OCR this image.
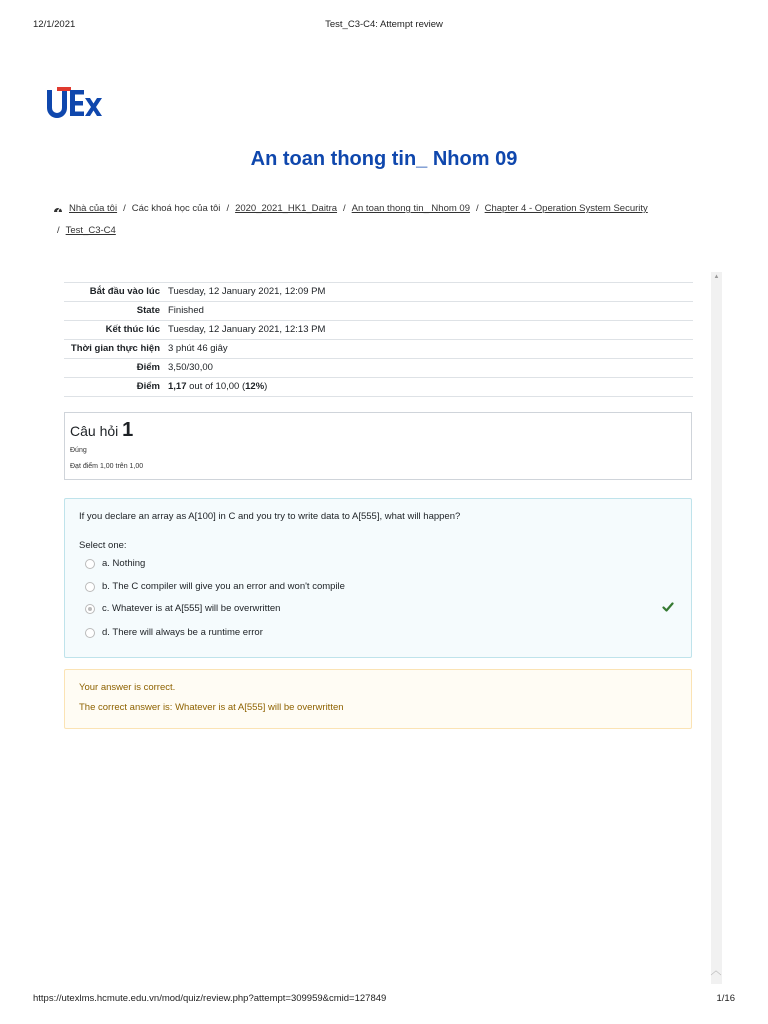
12/1/2021	Test_C3-C4: Attempt review
An toan thong tin_ Nhom 09
Nhà của tôi / Các khoá học của tôi / 2020_2021_HK1_Daitra / An toan thong tin_ Nhom 09 / Chapter 4 - Operation System Security
/ Test_C3-C4
▲
︿
Bắt đầu vào lúc	Tuesday, 12 January 2021, 12:09 PM
State	Finished
Kết thúc lúc	Tuesday, 12 January 2021, 12:13 PM
Thời gian thực hiện	3 phút 46 giây
Điểm	3,50/30,00
Điểm	1,17 out of 10,00 (12%)
Câu hỏi 1
Đúng
Đạt điểm 1,00 trên 1,00
If you declare an array as A[100] in C and you try to write data to A[555], what will happen?
Select one:
a. Nothing
b. The C compiler will give you an error and won't compile
c. Whatever is at A[555] will be overwritten
d. There will always be a runtime error
Your answer is correct.
The correct answer is: Whatever is at A[555] will be overwritten
https://utexlms.hcmute.edu.vn/mod/quiz/review.php?attempt=309959&cmid=127849	1/16
